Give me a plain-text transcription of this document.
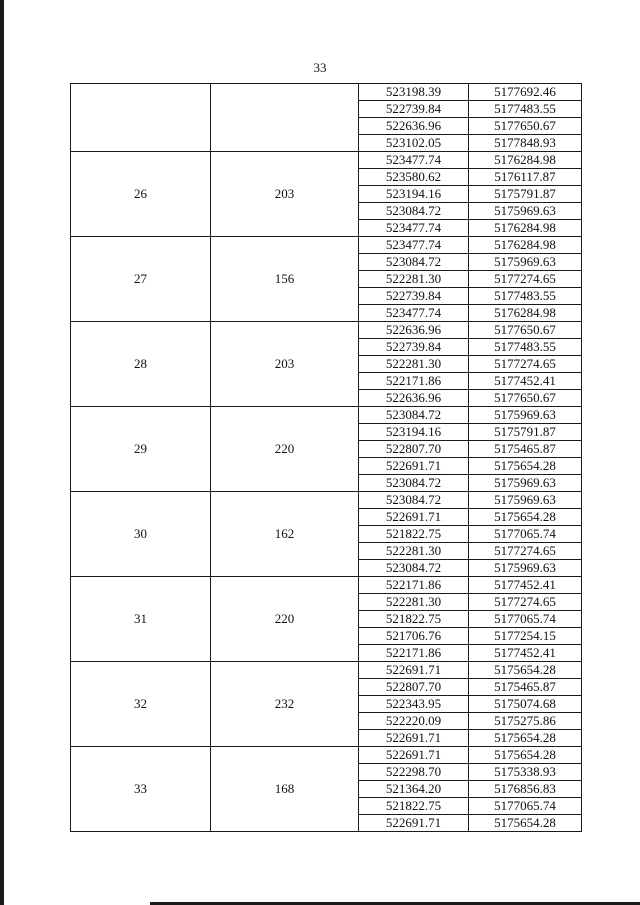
33
		523198.39	5177692.46
		522739.84	5177483.55
		522636.96	5177650.67
		523102.05	5177848.93
26	203	523477.74	5176284.98
		523580.62	5176117.87
		523194.16	5175791.87
		523084.72	5175969.63
		523477.74	5176284.98
27	156	523477.74	5176284.98
		523084.72	5175969.63
		522281.30	5177274.65
		522739.84	5177483.55
		523477.74	5176284.98
28	203	522636.96	5177650.67
		522739.84	5177483.55
		522281.30	5177274.65
		522171.86	5177452.41
		522636.96	5177650.67
29	220	523084.72	5175969.63
		523194.16	5175791.87
		522807.70	5175465.87
		522691.71	5175654.28
		523084.72	5175969.63
30	162	523084.72	5175969.63
		522691.71	5175654.28
		521822.75	5177065.74
		522281.30	5177274.65
		523084.72	5175969.63
31	220	522171.86	5177452.41
		522281.30	5177274.65
		521822.75	5177065.74
		521706.76	5177254.15
		522171.86	5177452.41
32	232	522691.71	5175654.28
		522807.70	5175465.87
		522343.95	5175074.68
		522220.09	5175275.86
		522691.71	5175654.28
33	168	522691.71	5175654.28
		522298.70	5175338.93
		521364.20	5176856.83
		521822.75	5177065.74
		522691.71	5175654.28
